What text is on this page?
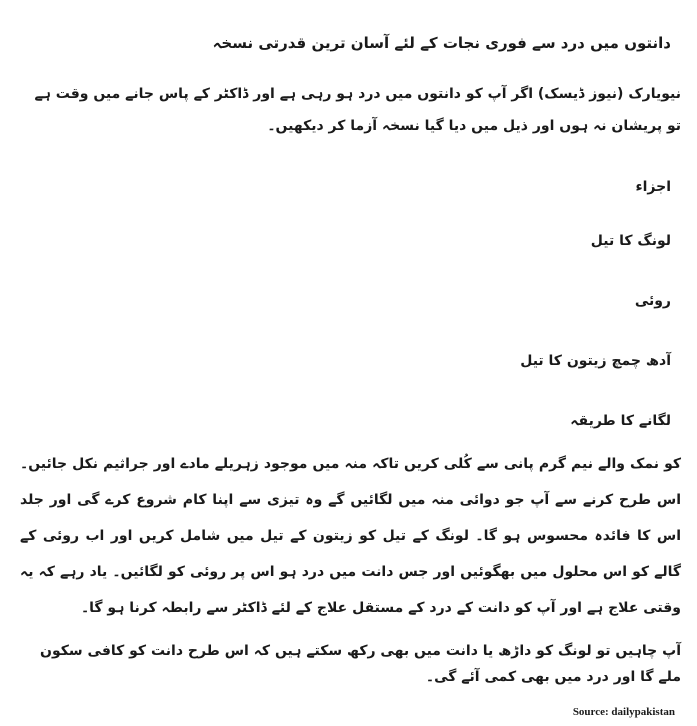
دانتوں میں درد سے فوری نجات کے لئے آسان ترین قدرتی نسخہ

نیویارک (نیوز ڈیسک) اگر آپ کو دانتوں میں درد ہو رہی ہے اور ڈاکٹر کے پاس جانے میں وقت ہے تو پریشان نہ ہوں اور ذیل میں دیا گیا نسخہ آزما کر دیکھیں۔

اجزاء

لونگ کا تیل

روئی

آدھ چمچ زیتون کا تیل

لگانے کا طریقہ

کو نمک والے نیم گرم پانی سے کُلی کریں تاکہ منہ میں موجود زہریلے مادے اور جراثیم نکل جائیں۔ اس طرح کرنے سے آپ جو دوائی منہ میں لگائیں گے وہ تیزی سے اپنا کام شروع کرے گی اور جلد اس کا فائدہ محسوس ہو گا۔ لونگ کے تیل کو زیتون کے تیل میں شامل کریں اور اب روئی کے گالے کو اس محلول میں بھگوئیں اور جس دانت میں درد ہو اس پر روئی کو لگائیں۔ یاد رہے کہ یہ وقتی علاج ہے اور آپ کو دانت کے درد کے مستقل علاج کے لئے ڈاکٹر سے رابطہ کرنا ہو گا۔

آپ چاہیں تو لونگ کو داڑھ یا دانت میں بھی رکھ سکتے ہیں کہ اس طرح دانت کو کافی سکون ملے گا اور درد میں بھی کمی آئے گی۔

Source: dailypakistan
